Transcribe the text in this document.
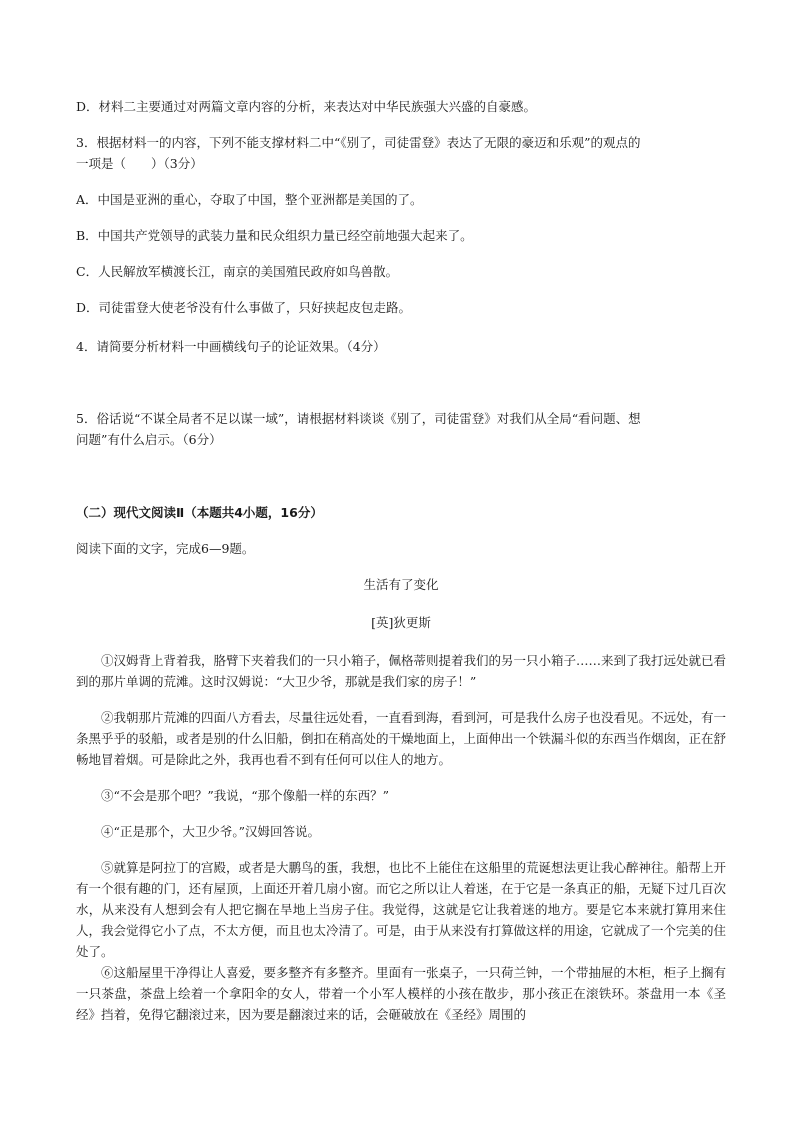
D．材料二主要通过对两篇文章内容的分析，来表达对中华民族强大兴盛的自豪感。
3．根据材料一的内容，下列不能支撑材料二中“《别了，司徒雷登》表达了无限的豪迈和乐观”的观点的
一项是（　　）（3分）
A．中国是亚洲的重心，夺取了中国，整个亚洲都是美国的了。
B．中国共产党领导的武装力量和民众组织力量已经空前地强大起来了。
C．人民解放军横渡长江，南京的美国殖民政府如鸟兽散。
D．司徒雷登大使老爷没有什么事做了，只好挟起皮包走路。
4．请简要分析材料一中画横线句子的论证效果。（4分）
5．俗话说“不谋全局者不足以谋一域”，请根据材料谈谈《别了，司徒雷登》对我们从全局“看问题、想
问题”有什么启示。（6分）
（二）现代文阅读Ⅱ（本题共4小题，16分）
阅读下面的文字，完成6—9题。
生活有了变化
[英]狄更斯
①汉姆背上背着我，胳臂下夹着我们的一只小箱子，佩格蒂则提着我们的另一只小箱子……来到了我打远处就已看到的那片单调的荒滩。这时汉姆说：“大卫少爷，那就是我们家的房子！”
②我朝那片荒滩的四面八方看去，尽量往远处看，一直看到海，看到河，可是我什么房子也没看见。不远处，有一条黑乎乎的驳船，或者是别的什么旧船，倒扣在稍高处的干燥地面上，上面伸出一个铁漏斗似的东西当作烟囱，正在舒畅地冒着烟。可是除此之外，我再也看不到有任何可以住人的地方。
③“不会是那个吧？”我说，“那个像船一样的东西？”
④“正是那个，大卫少爷。”汉姆回答说。
⑤就算是阿拉丁的宫殿，或者是大鹏鸟的蛋，我想，也比不上能住在这船里的荒诞想法更让我心醉神往。船帮上开有一个很有趣的门，还有屋顶，上面还开着几扇小窗。而它之所以让人着迷，在于它是一条真正的船，无疑下过几百次水，从来没有人想到会有人把它搁在旱地上当房子住。我觉得，这就是它让我着迷的地方。要是它本来就打算用来住人，我会觉得它小了点，不太方便，而且也太冷清了。可是，由于从来没有打算做这样的用途，它就成了一个完美的住处了。
⑥这船屋里干净得让人喜爱，要多整齐有多整齐。里面有一张桌子，一只荷兰钟，一个带抽屉的木柜，柜子上搁有一只茶盘，茶盘上绘着一个拿阳伞的女人，带着一个小军人模样的小孩在散步，那小孩正在滚铁环。茶盘用一本《圣经》挡着，免得它翻滚过来，因为要是翻滚过来的话，会砸破放在《圣经》周围的
